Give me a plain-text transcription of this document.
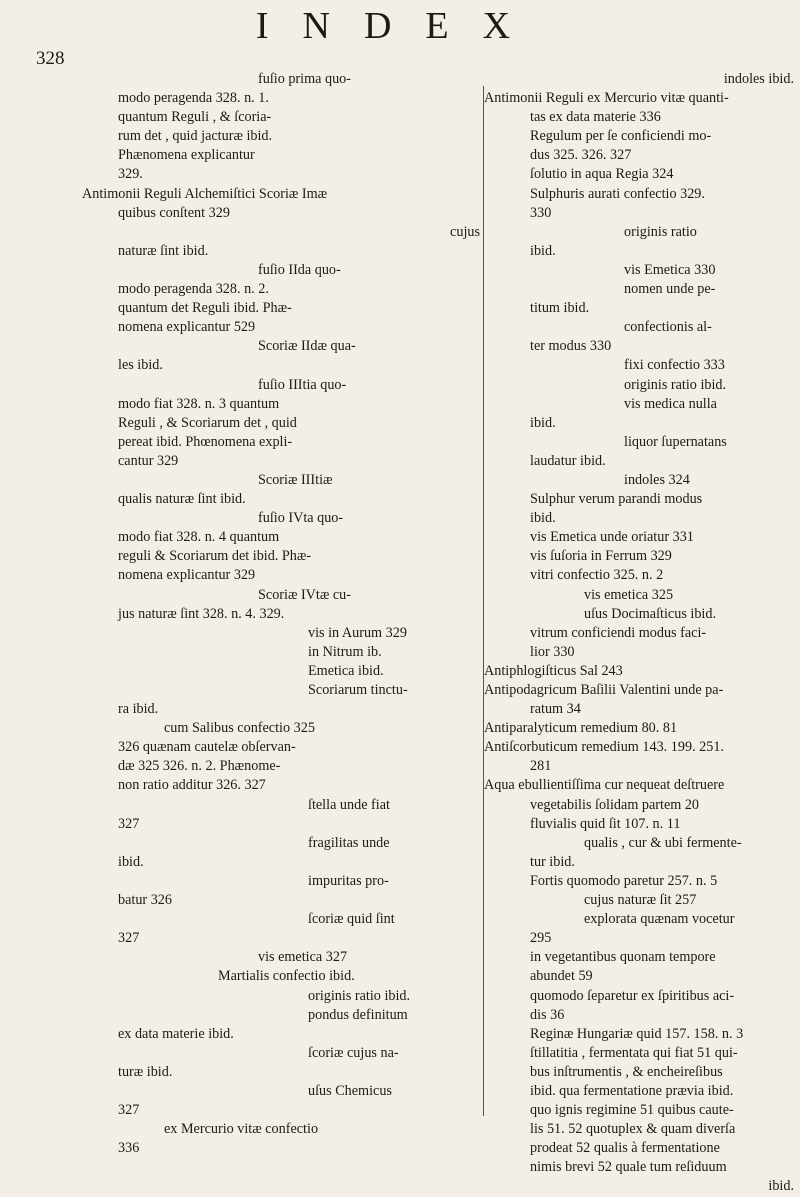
INDEX
328
fuſio prima quo-
modo peragenda 328. n. 1.
quantum Reguli , & ſcoria-
rum det , quid jacturæ ibid.
Phænomena explicantur
329.
Antimonii Reguli Alchemiſtici Scoriæ Imæ
quibus conſtent 329
cujus
naturæ ſint ibid.
fuſio IIda quo-
modo peragenda 328. n. 2.
quantum det Reguli ibid. Phæ-
nomena explicantur 529
Scoriæ IIdæ qua-
les ibid.
fuſio IIItia quo-
modo fiat 328. n. 3 quantum
Reguli , & Scoriarum det , quid
pereat ibid. Phœnomena expli-
cantur 329
Scoriæ IIItiæ
qualis naturæ ſint ibid.
fuſio IVta quo-
modo fiat 328. n. 4 quantum
reguli & Scoriarum det ibid. Phæ-
nomena explicantur 329
Scoriæ IVtæ cu-
jus naturæ ſint 328. n. 4. 329.
vis in Aurum 329
in Nitrum ib.
Emetica ibid.
Scoriarum tinctu-
ra ibid.
cum Salibus confectio 325
326 quænam cautelæ obſervan-
dæ 325 326. n. 2. Phænome-
non ratio additur 326. 327
ſtella unde fiat
327
fragilitas unde
ibid.
impuritas pro-
batur 326
ſcoriæ quid ſint
327
vis emetica 327
Martialis confectio ibid.
originis ratio ibid.
pondus definitum
ex data materie ibid.
ſcoriæ cujus na-
turæ ibid.
uſus Chemicus
327
ex Mercurio vitæ confectio
336
indoles ibid.
Antimonii Reguli ex Mercurio vitæ quanti-
tas ex data materie 336
Regulum per ſe conficiendi mo-
dus 325. 326. 327
ſolutio in aqua Regia 324
Sulphuris aurati confectio 329.
330
originis ratio
ibid.
vis Emetica 330
nomen unde pe-
titum ibid.
confectionis al-
ter modus 330
fixi confectio 333
originis ratio ibid.
vis medica nulla
ibid.
liquor ſupernatans
laudatur ibid.
indoles 324
Sulphur verum parandi modus
ibid.
vis Emetica unde oriatur 331
vis ſuſoria in Ferrum 329
vitri confectio 325. n. 2
vis emetica 325
uſus Docimaſticus ibid.
vitrum conficiendi modus faci-
lior 330
Antiphlogiſticus Sal 243
Antipodagricum Baſilii Valentini unde pa-
ratum 34
Antiparalyticum remedium 80. 81
Antiſcorbuticum remedium 143. 199. 251.
281
Aqua ebullientiſſima cur nequeat deſtruere
vegetabilis ſolidam partem 20
fluvialis quid ſit 107. n. 11
qualis , cur & ubi fermente-
tur ibid.
Fortis quomodo paretur 257. n. 5
cujus naturæ ſit 257
explorata quænam vocetur
295
in vegetantibus quonam tempore
abundet 59
quomodo ſeparetur ex ſpiritibus aci-
dis 36
Reginæ Hungariæ quid 157. 158. n. 3
ſtillatitia , fermentata qui fiat 51 qui-
bus inſtrumentis , & encheireſibus
ibid. qua fermentatione prævia ibid.
quo ignis regimine 51 quibus caute-
lis 51. 52 quotuplex & quam diverſa
prodeat 52 qualis à fermentatione
nimis brevi 52 quale tum reſiduum
ibid.
